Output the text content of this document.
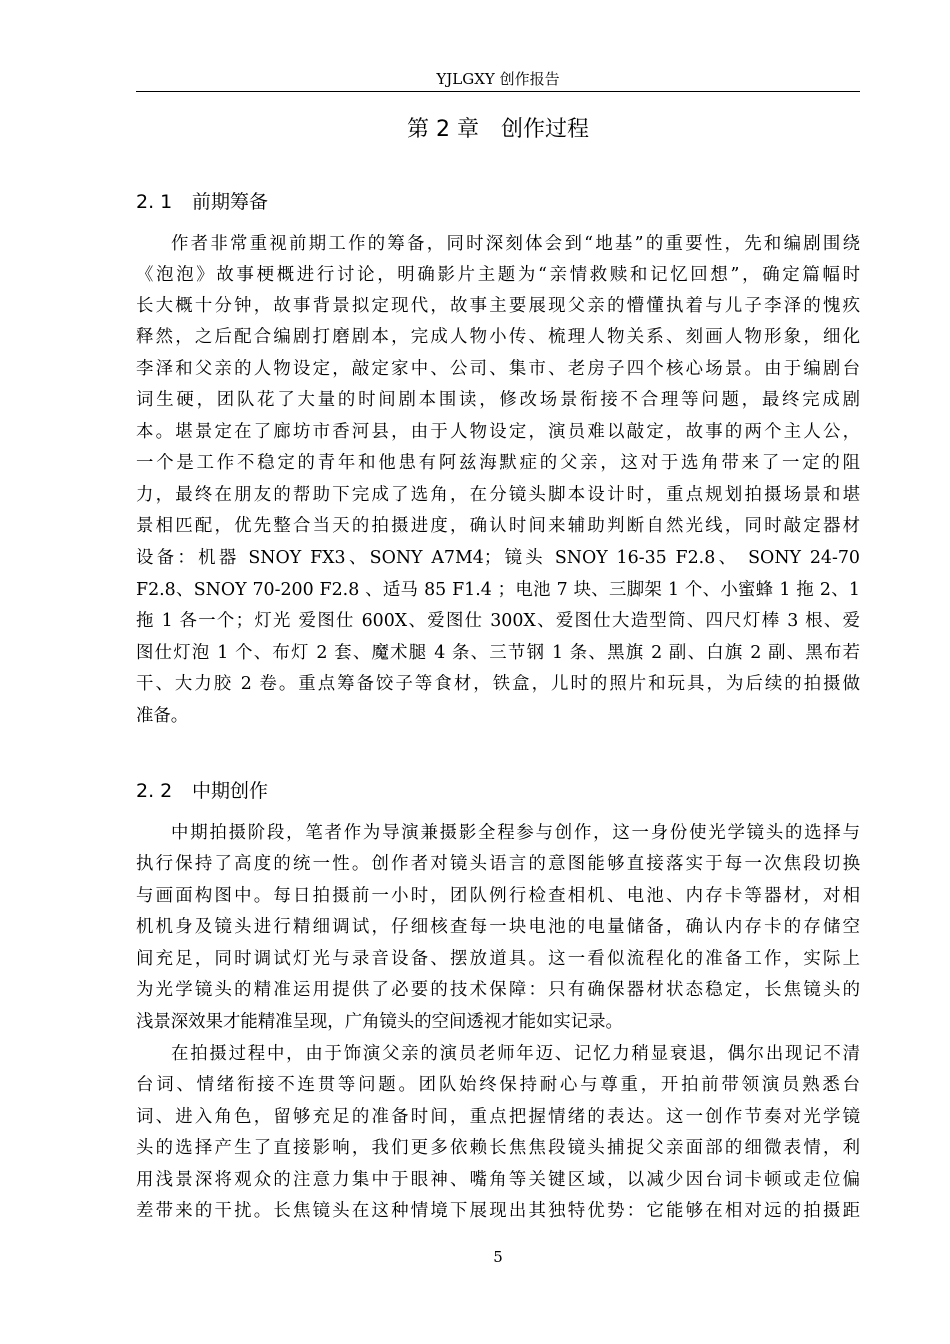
YJLGXY 创作报告
第 2 章　创作过程
2. 1 前期筹备
作者非常重视前期工作的筹备，同时深刻体会到“地基”的重要性，先和编剧围绕
《泡泡》故事梗概进行讨论，明确影片主题为“亲情救赎和记忆回想”，确定篇幅时
长大概十分钟，故事背景拟定现代，故事主要展现父亲的懵懂执着与儿子李泽的愧疚
释然，之后配合编剧打磨剧本，完成人物小传、梳理人物关系、刻画人物形象，细化
李泽和父亲的人物设定，敲定家中、公司、集市、老房子四个核心场景。由于编剧台
词生硬，团队花了大量的时间剧本围读，修改场景衔接不合理等问题，最终完成剧
本。堪景定在了廊坊市香河县，由于人物设定，演员难以敲定，故事的两个主人公，
一个是工作不稳定的青年和他患有阿兹海默症的父亲，这对于选角带来了一定的阻
力，最终在朋友的帮助下完成了选角，在分镜头脚本设计时，重点规划拍摄场景和堪
景相匹配，优先整合当天的拍摄进度，确认时间来辅助判断自然光线，同时敲定器材
设备：机器 SNOY FX3、SONY A7M4；镜头 SNOY 16-35 F2.8、 SONY 24-70
F2.8、SNOY 70-200 F2.8 、适马 85 F1.4 ；电池 7 块、三脚架 1 个、小蜜蜂 1 拖 2、1
拖 1 各一个；灯光 爱图仕 600X、爱图仕 300X、爱图仕大造型筒、四尺灯棒 3 根、爱
图仕灯泡 1 个、布灯 2 套、魔术腿 4 条、三节钢 1 条、黑旗 2 副、白旗 2 副、黑布若
干、大力胶 2 卷。重点筹备饺子等食材，铁盒，儿时的照片和玩具，为后续的拍摄做
准备。
2. 2 中期创作
中期拍摄阶段，笔者作为导演兼摄影全程参与创作，这一身份使光学镜头的选择与
执行保持了高度的统一性。创作者对镜头语言的意图能够直接落实于每一次焦段切换
与画面构图中。每日拍摄前一小时，团队例行检查相机、电池、内存卡等器材，对相
机机身及镜头进行精细调试，仔细核查每一块电池的电量储备，确认内存卡的存储空
间充足，同时调试灯光与录音设备、摆放道具。这一看似流程化的准备工作，实际上
为光学镜头的精准运用提供了必要的技术保障：只有确保器材状态稳定，长焦镜头的
浅景深效果才能精准呈现，广角镜头的空间透视才能如实记录。
在拍摄过程中，由于饰演父亲的演员老师年迈、记忆力稍显衰退，偶尔出现记不清
台词、情绪衔接不连贯等问题。团队始终保持耐心与尊重，开拍前带领演员熟悉台
词、进入角色，留够充足的准备时间，重点把握情绪的表达。这一创作节奏对光学镜
头的选择产生了直接影响，我们更多依赖长焦焦段镜头捕捉父亲面部的细微表情，利
用浅景深将观众的注意力集中于眼神、嘴角等关键区域，以减少因台词卡顿或走位偏
差带来的干扰。长焦镜头在这种情境下展现出其独特优势：它能够在相对远的拍摄距
5
